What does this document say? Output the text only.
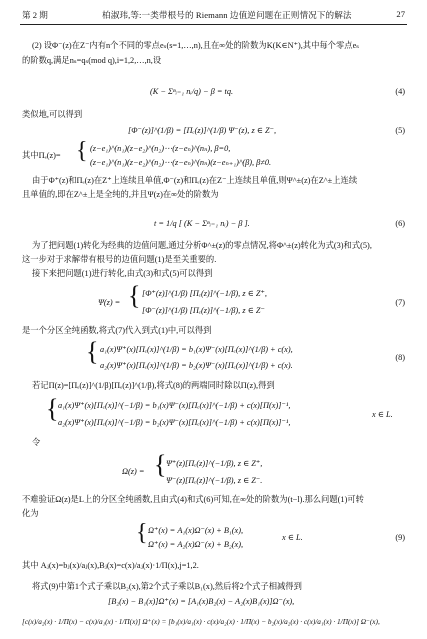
第 2 期	柏淑玮,等:一类带根号的 Riemann 边值逆问题在正则情况下的解法	27
(2) 设Φ⁻(z)在Z⁻内有n个不同的零点eₛ(s=1,…,n),且在∞处的阶数为K(K∈N⁺),其中每个零点eₛ
的阶数q,满足nₛ=qₛ(mod q),i=1,2,…,n,设
(K − Σⁿᵢ₌₁ nᵢ/q) − β = tq.	(4)
类似地,可以得到
[Φ⁻(z)]^(1/β) = [Πₑ(z)]^(1/β) Ψ⁻(z), z ∈ Z⁻,	(5)
其中Πₑ(z)= { (z−e₁)^(n₁)(z−e₂)^(n₂)⋯(z−eₙ)^(nₙ), β=0,
(z−e₁)^(n₁)(z−e₂)^(n₂)⋯(z−eₙ)^(nₙ)(z−eₙ₊₁)^(β), β≠0.
由于Φ⁺(z)和Πₑ(z)在Z⁺上连续且单值,Φ⁻(z)和Πₑ(z)在Z⁻上连续且单值,则Ψ^±(z)在Z^±上连续
且单值的,即在Z^±上是全纯的,并且Ψ(z)在∞处的阶数为
t = 1/q [ (K − Σⁿᵢ₌₁ nᵢ) − β ].	(6)
为了把问题(1)转化为经典的边值问题,通过分析Φ^±(z)的零点情况,将Φ^±(z)转化为式(3)和式(5),
这一步对于求解带有根号的边值问题(1)是至关重要的.
接下来把问题(1)进行转化,由式(3)和式(5)可以得到
Ψ(z) = { [Φ⁺(z)]^(1/β) [Πₑ(z)]^(−1/β), z ∈ Z⁺,
[Φ⁻(z)]^(1/β) [Πₑ(z)]^(−1/β), z ∈ Z⁻
(7)
是一个分区全纯函数,将式(7)代入到式(1)中,可以得到
{ a₁(x)Ψ⁺(x)[Πₑ(x)]^(1/β) = b₁(x)Ψ⁻(x)[Πₑ(x)]^(1/β) + c(x),
a₂(x)Ψ⁺(x)[Πₑ(x)]^(1/β) = b₂(x)Ψ⁻(x)[Πₑ(x)]^(1/β) + c(x).
(8)
若记Π(z)=[Πₑ(z)]^(1/β)[Πₑ(z)]^(1/β),将式(8)的两端同时除以Π(z),得到
{ a₁(x)Ψ⁺(x)[Πₑ(x)]^(−1/β) = b₁(x)Ψ⁻(x)[Πₑ(x)]^(−1/β) + c(x)[Π(x)]⁻¹,
a₂(x)Ψ⁺(x)[Πₑ(x)]^(−1/β) = b₂(x)Ψ⁻(x)[Πₑ(x)]^(−1/β) + c(x)[Π(x)]⁻¹,
x ∈ L.
令
Ω(z) = { Ψ⁺(z)[Πₑ(z)]^(−1/β), z ∈ Z⁺,
Ψ⁻(z)[Πₑ(z)]^(−1/β), z ∈ Z⁻.
不难验证Ω(z)是L上的分区全纯函数,且由式(4)和式(6)可知,在∞处的阶数为(t−l).那么问题(1)可转
化为
{ Ω⁺(x) = A₁(x)Ω⁻(x) + B₁(x),
Ω⁺(x) = A₂(x)Ω⁻(x) + B₂(x),
x ∈ L.	(9)
其中 Aⱼ(x)=bⱼ(x)/aⱼ(x),Bⱼ(x)=c(x)/aⱼ(x)·1/Π(x),j=1,2.
将式(9)中第1个式子乘以B₂(x),第2个式子乘以B₁(x),然后将2个式子相减得到
[B₂(x) − B₁(x)]Ω⁺(x) = [A₁(x)B₂(x) − A₂(x)B₁(x)]Ω⁻(x),
[c(x)/a₂(x) · 1/Π(x) − c(x)/a₁(x) · 1/Π(x)] Ω⁺(x) = [b₁(x)/a₁(x) · c(x)/a₂(x) · 1/Π(x) − b₂(x)/a₂(x) · c(x)/a₁(x) · 1/Π(x)] Ω⁻(x),
